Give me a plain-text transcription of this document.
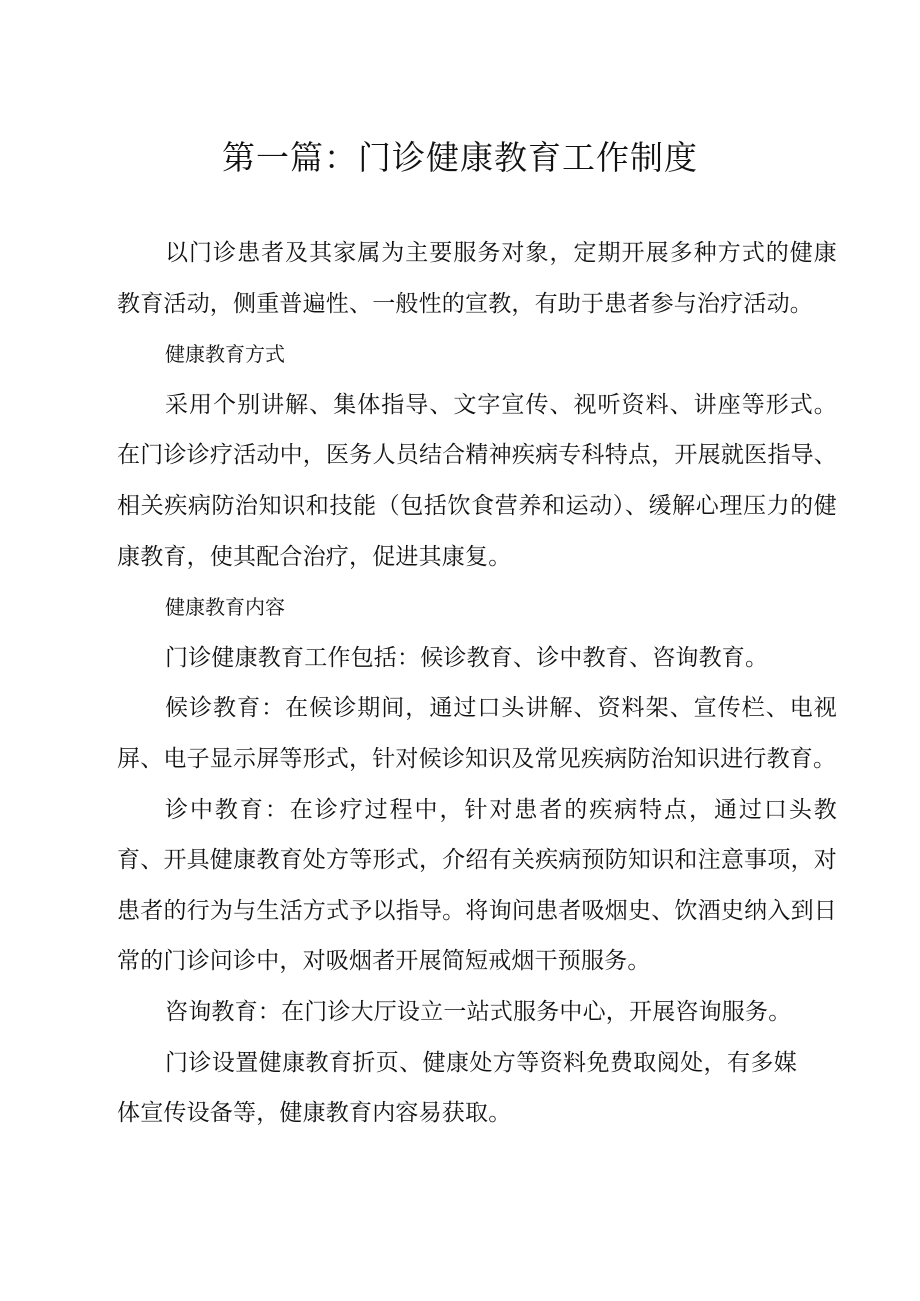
第一篇：门诊健康教育工作制度

以门诊患者及其家属为主要服务对象，定期开展多种方式的健康教育活动，侧重普遍性、一般性的宣教，有助于患者参与治疗活动。

健康教育方式

采用个别讲解、集体指导、文字宣传、视听资料、讲座等形式。在门诊诊疗活动中，医务人员结合精神疾病专科特点，开展就医指导、相关疾病防治知识和技能（包括饮食营养和运动）、缓解心理压力的健康教育，使其配合治疗，促进其康复。

健康教育内容

门诊健康教育工作包括：候诊教育、诊中教育、咨询教育。

候诊教育：在候诊期间，通过口头讲解、资料架、宣传栏、电视屏、电子显示屏等形式，针对候诊知识及常见疾病防治知识进行教育。

诊中教育：在诊疗过程中，针对患者的疾病特点，通过口头教育、开具健康教育处方等形式，介绍有关疾病预防知识和注意事项，对患者的行为与生活方式予以指导。将询问患者吸烟史、饮酒史纳入到日常的门诊问诊中，对吸烟者开展简短戒烟干预服务。

咨询教育：在门诊大厅设立一站式服务中心，开展咨询服务。

门诊设置健康教育折页、健康处方等资料免费取阅处，有多媒体宣传设备等，健康教育内容易获取。
